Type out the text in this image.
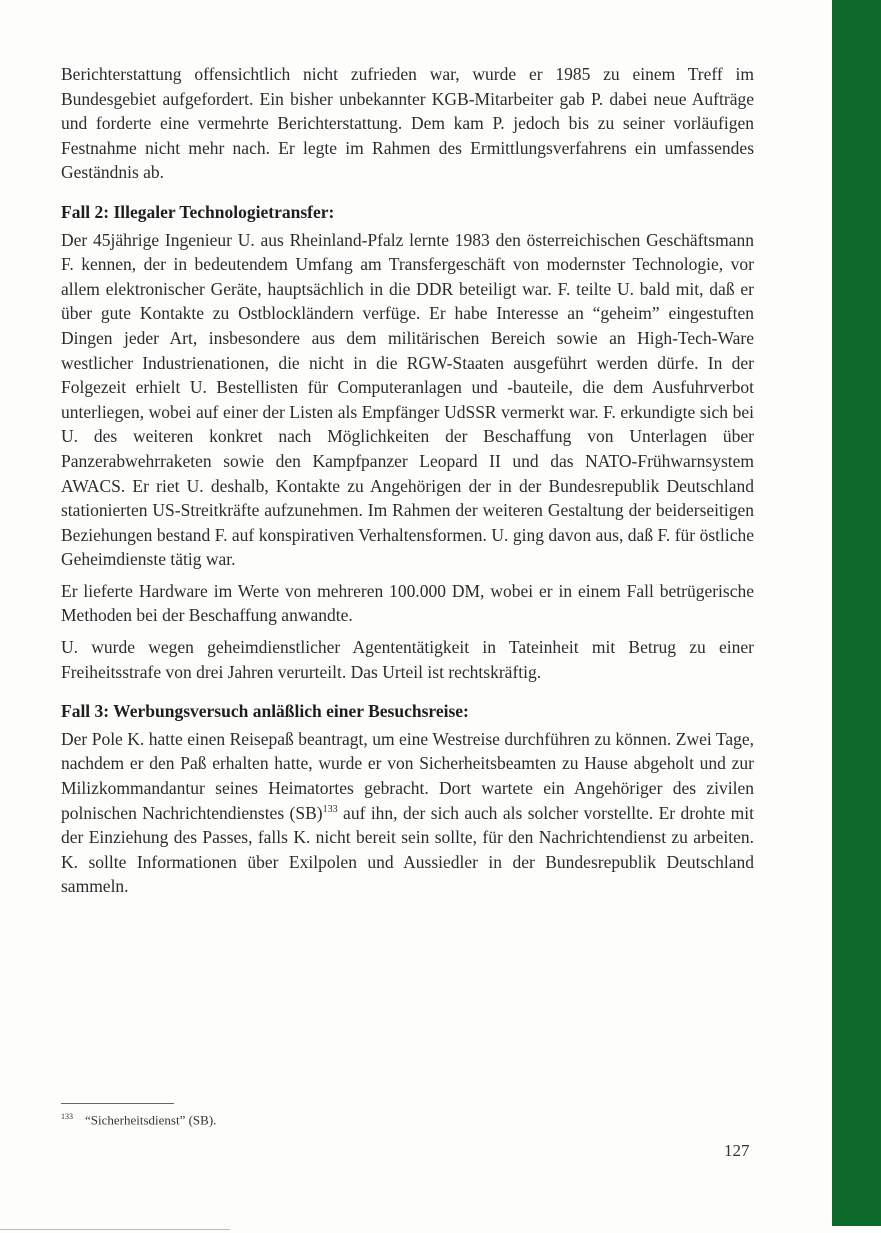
Berichterstattung offensichtlich nicht zufrieden war, wurde er 1985 zu einem Treff im Bundesgebiet aufgefordert. Ein bisher unbekannter KGB-Mitarbeiter gab P. dabei neue Aufträge und forderte eine vermehrte Berichterstattung. Dem kam P. jedoch bis zu seiner vorläufigen Festnahme nicht mehr nach. Er legte im Rahmen des Ermittlungsverfahrens ein umfassendes Geständnis ab.

Fall 2: Illegaler Technologietransfer:

Der 45jährige Ingenieur U. aus Rheinland-Pfalz lernte 1983 den österreichischen Geschäftsmann F. kennen, der in bedeutendem Umfang am Transfergeschäft von modernster Technologie, vor allem elektronischer Geräte, hauptsächlich in die DDR beteiligt war. F. teilte U. bald mit, daß er über gute Kontakte zu Ostblockländern verfüge. Er habe Interesse an “geheim” eingestuften Dingen jeder Art, insbesondere aus dem militärischen Bereich sowie an High-Tech-Ware westlicher Industrienationen, die nicht in die RGW-Staaten ausgeführt werden dürfe. In der Folgezeit erhielt U. Bestellisten für Computeranlagen und -bauteile, die dem Ausfuhrverbot unterliegen, wobei auf einer der Listen als Empfänger UdSSR vermerkt war. F. erkundigte sich bei U. des weiteren konkret nach Möglichkeiten der Beschaffung von Unterlagen über Panzerabwehrraketen sowie den Kampfpanzer Leopard II und das NATO-Frühwarnsystem AWACS. Er riet U. deshalb, Kontakte zu Angehörigen der in der Bundesrepublik Deutschland stationierten US-Streitkräfte aufzunehmen. Im Rahmen der weiteren Gestaltung der beiderseitigen Beziehungen bestand F. auf konspirativen Verhaltensformen. U. ging davon aus, daß F. für östliche Geheimdienste tätig war.

Er lieferte Hardware im Werte von mehreren 100.000 DM, wobei er in einem Fall betrügerische Methoden bei der Beschaffung anwandte.

U. wurde wegen geheimdienstlicher Agententätigkeit in Tateinheit mit Betrug zu einer Freiheitsstrafe von drei Jahren verurteilt. Das Urteil ist rechtskräftig.

Fall 3: Werbungsversuch anläßlich einer Besuchsreise:

Der Pole K. hatte einen Reisepaß beantragt, um eine Westreise durchführen zu können. Zwei Tage, nachdem er den Paß erhalten hatte, wurde er von Sicherheitsbeamten zu Hause abgeholt und zur Milizkommandantur seines Heimatortes gebracht. Dort wartete ein Angehöriger des zivilen polnischen Nachrichtendienstes (SB)$^{133}$ auf ihn, der sich auch als solcher vorstellte. Er drohte mit der Einziehung des Passes, falls K. nicht bereit sein sollte, für den Nachrichtendienst zu arbeiten. K. sollte Informationen über Exilpolen und Aussiedler in der Bundesrepublik Deutschland sammeln.

$^{133}$ “Sicherheitsdienst” (SB).
127
